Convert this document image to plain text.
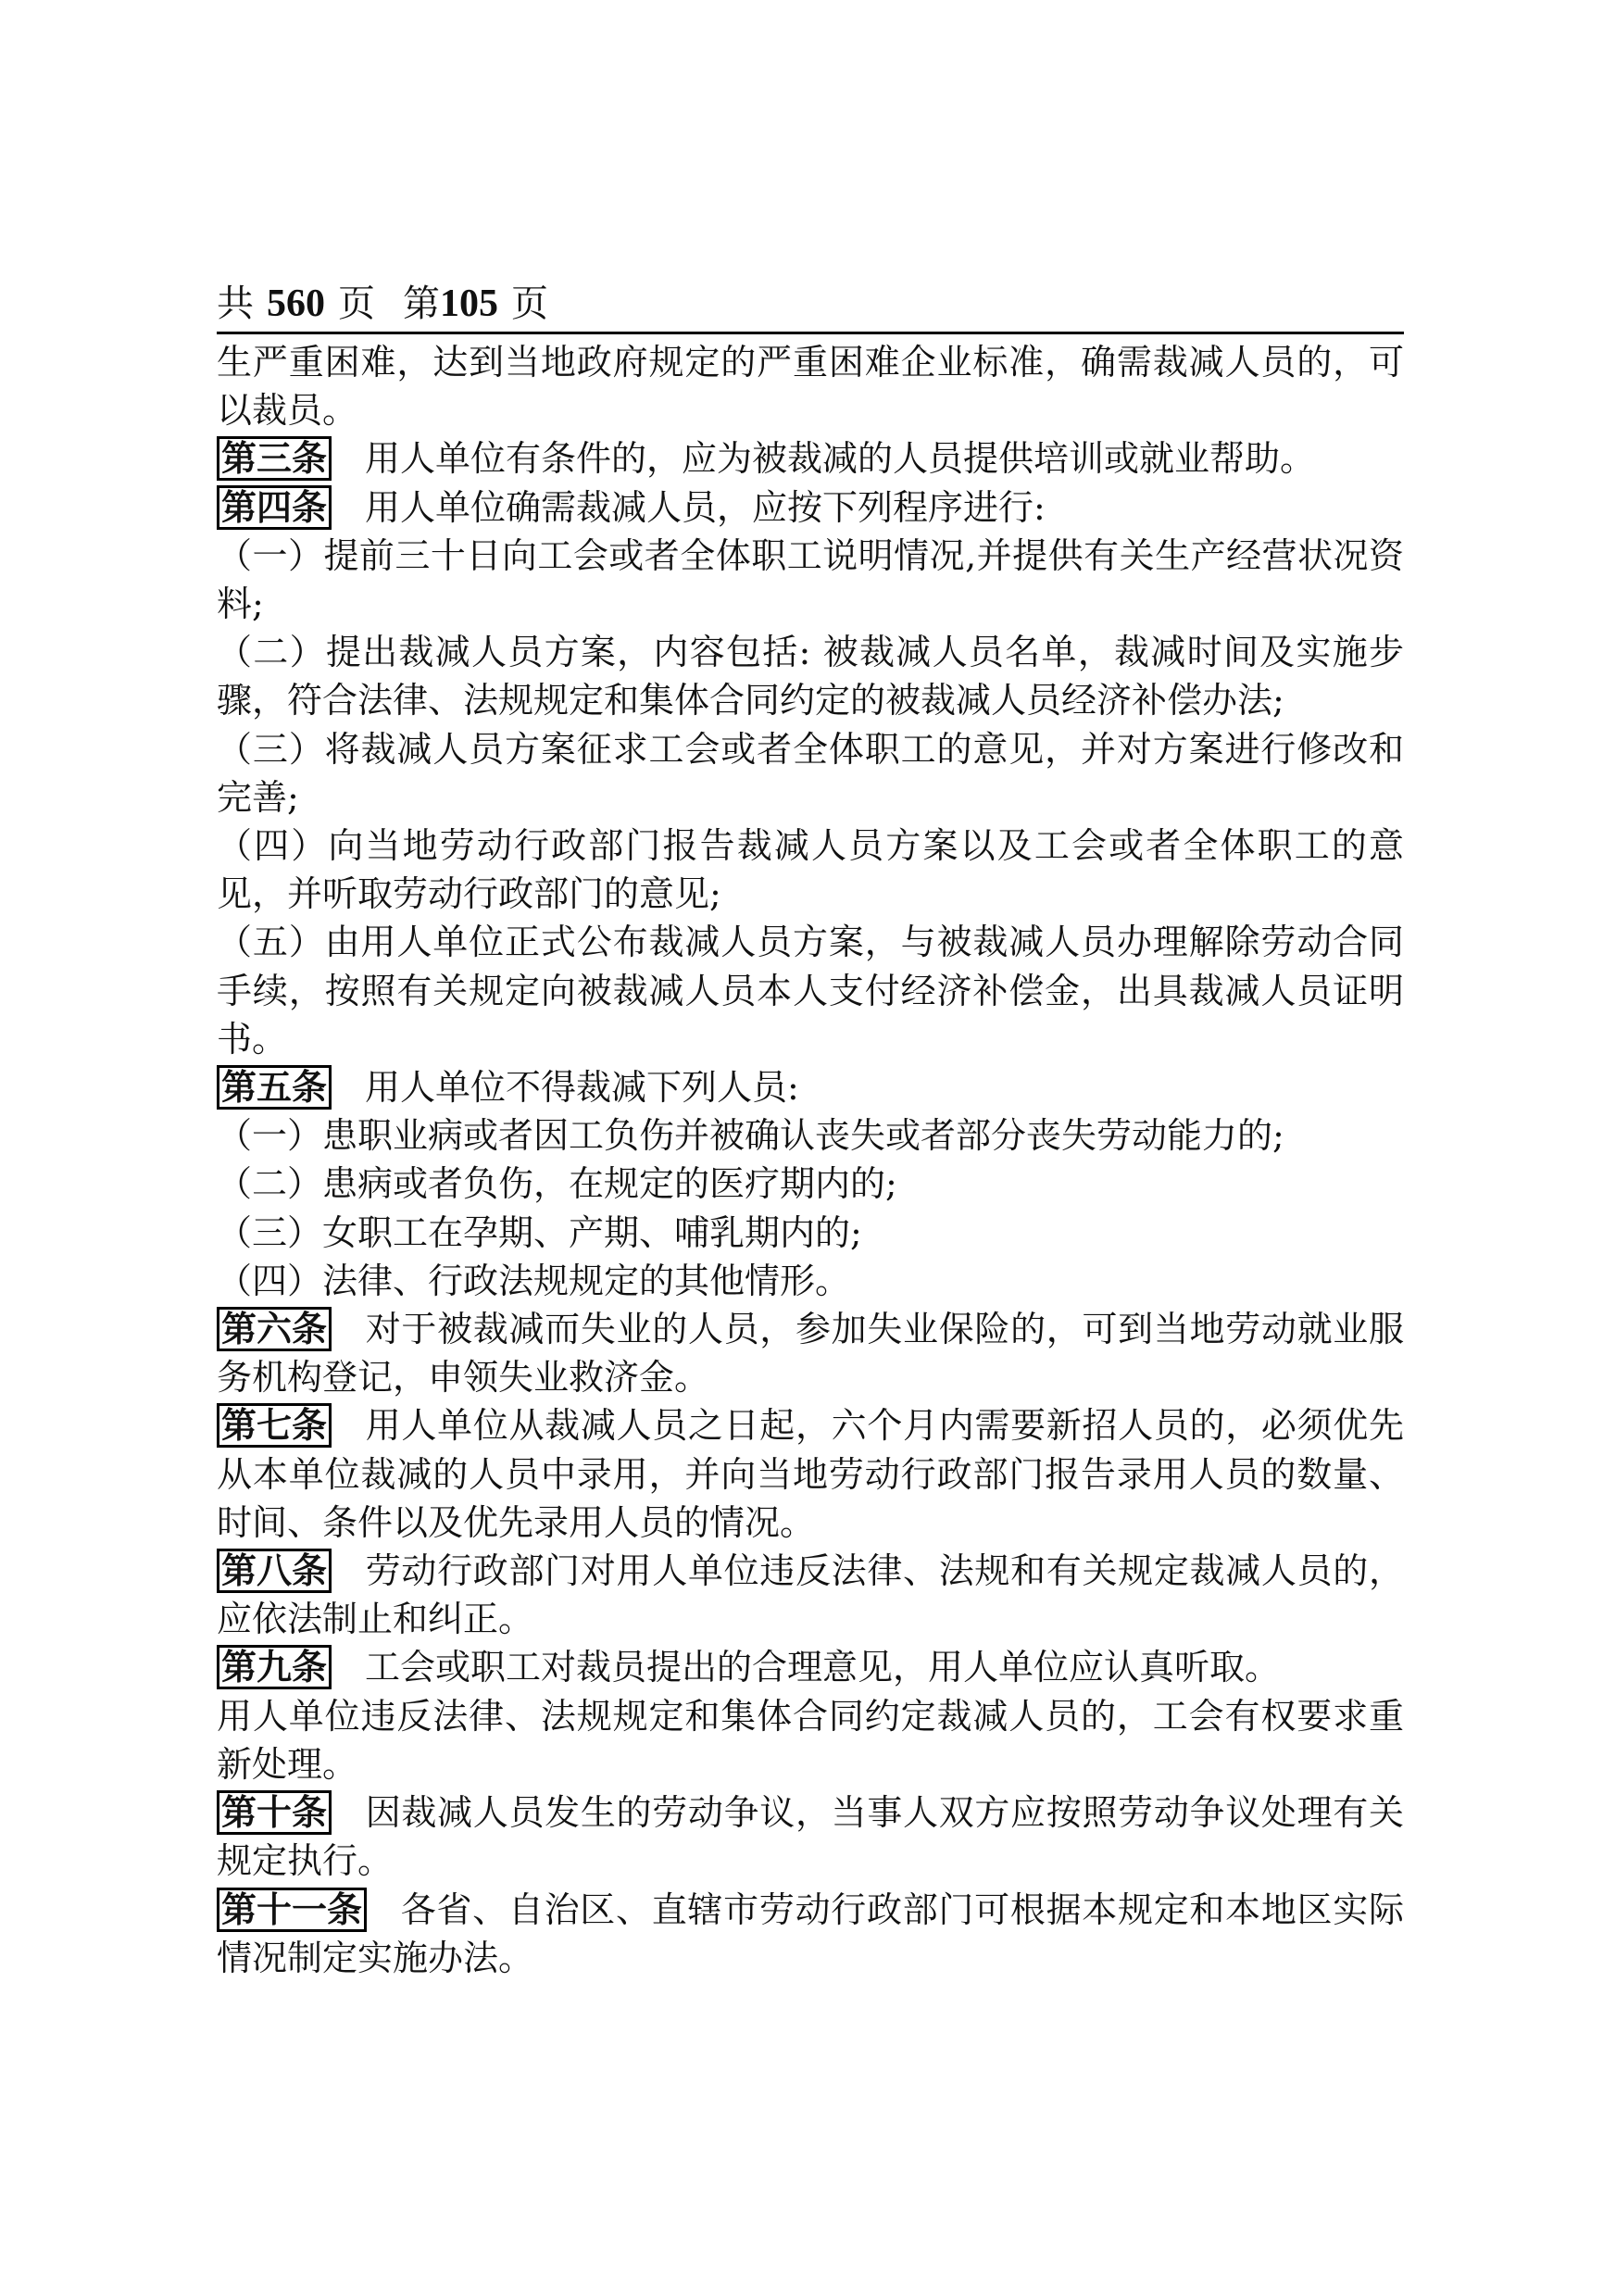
共 560 页 第105 页

生严重困难，达到当地政府规定的严重困难企业标准，确需裁减人员的，可以裁员。

第三条 用人单位有条件的，应为被裁减的人员提供培训或就业帮助。

第四条 用人单位确需裁减人员，应按下列程序进行:

（一）提前三十日向工会或者全体职工说明情况,并提供有关生产经营状况资料;

（二）提出裁减人员方案，内容包括: 被裁减人员名单，裁减时间及实施步骤，符合法律、法规规定和集体合同约定的被裁减人员经济补偿办法;

（三）将裁减人员方案征求工会或者全体职工的意见，并对方案进行修改和完善;

（四）向当地劳动行政部门报告裁减人员方案以及工会或者全体职工的意见，并听取劳动行政部门的意见;

（五）由用人单位正式公布裁减人员方案，与被裁减人员办理解除劳动合同手续，按照有关规定向被裁减人员本人支付经济补偿金，出具裁减人员证明书。

第五条 用人单位不得裁减下列人员:

（一）患职业病或者因工负伤并被确认丧失或者部分丧失劳动能力的;

（二）患病或者负伤，在规定的医疗期内的;

（三）女职工在孕期、产期、哺乳期内的;

（四）法律、行政法规规定的其他情形。

第六条 对于被裁减而失业的人员，参加失业保险的，可到当地劳动就业服务机构登记，申领失业救济金。

第七条 用人单位从裁减人员之日起，六个月内需要新招人员的，必须优先从本单位裁减的人员中录用，并向当地劳动行政部门报告录用人员的数量、时间、条件以及优先录用人员的情况。

第八条 劳动行政部门对用人单位违反法律、法规和有关规定裁减人员的，应依法制止和纠正。

第九条 工会或职工对裁员提出的合理意见，用人单位应认真听取。

用人单位违反法律、法规规定和集体合同约定裁减人员的，工会有权要求重新处理。

第十条 因裁减人员发生的劳动争议，当事人双方应按照劳动争议处理有关规定执行。

第十一条 各省、自治区、直辖市劳动行政部门可根据本规定和本地区实际情况制定实施办法。
